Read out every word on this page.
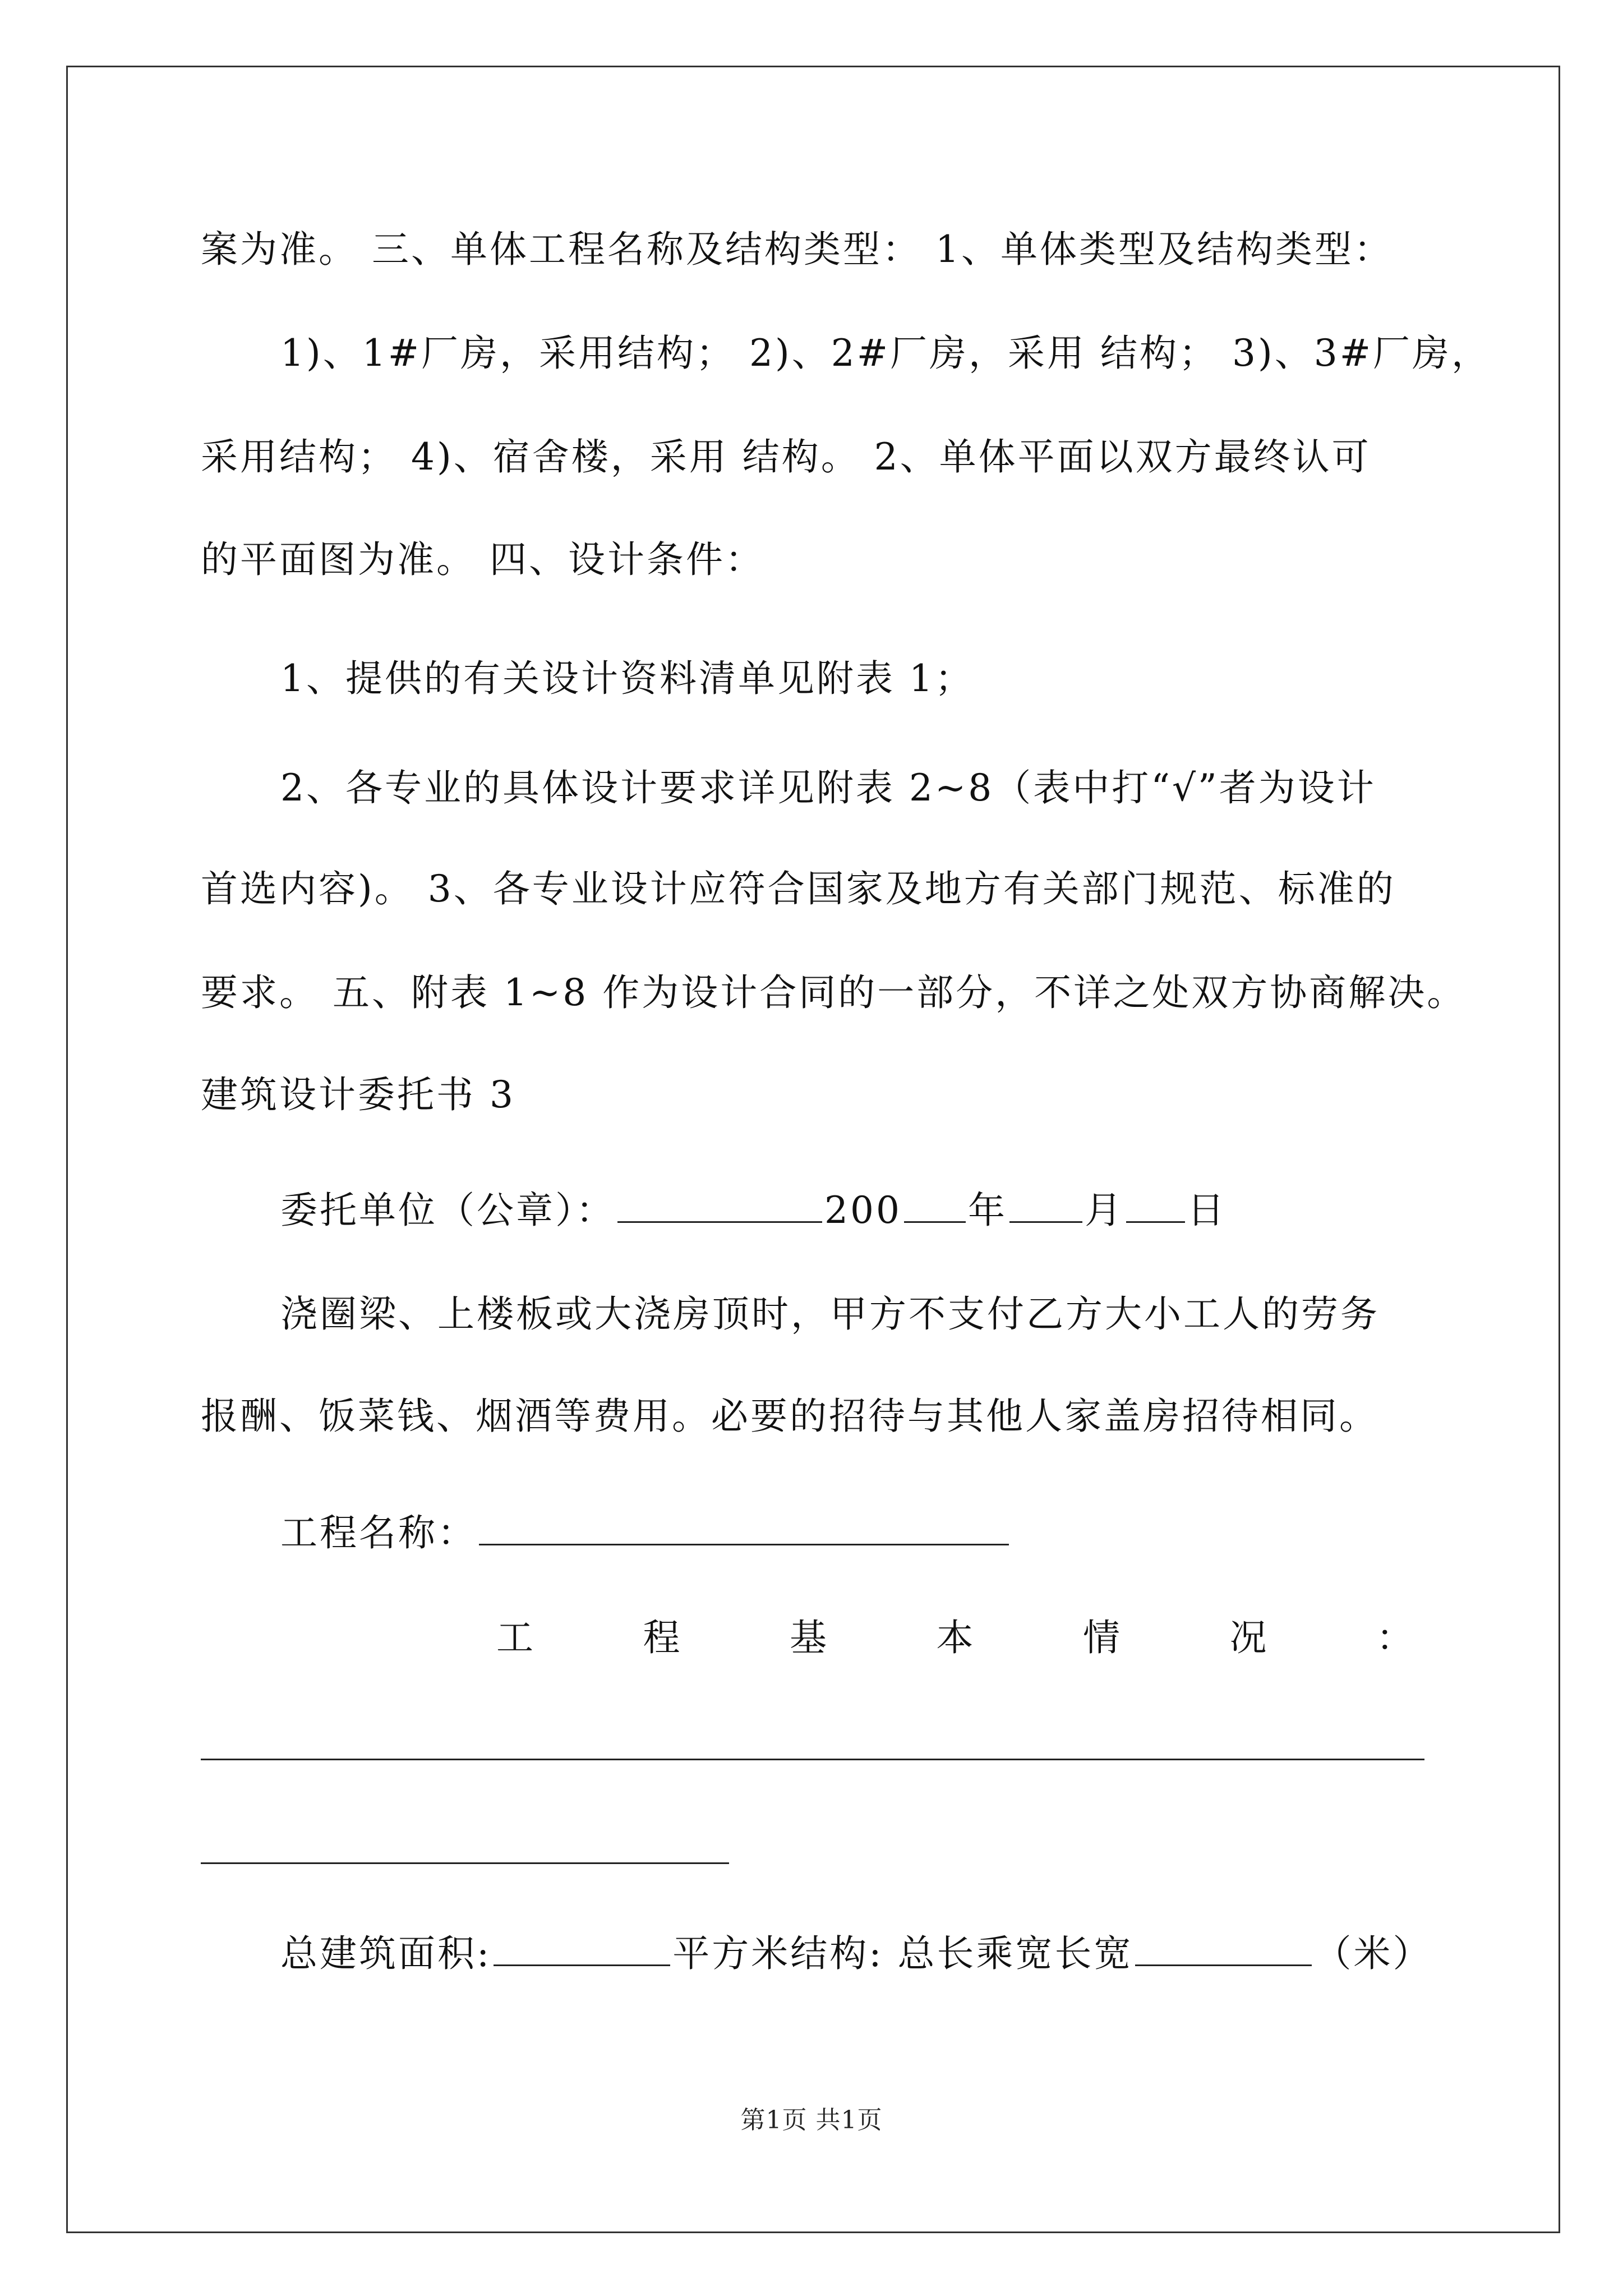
案为准。 三、单体工程名称及结构类型： 1、单体类型及结构类型：
1)、1#厂房，采用结构； 2)、2#厂房，采用 结构； 3)、3#厂房，
采用结构； 4)、宿舍楼，采用 结构。 2、单体平面以双方最终认可
的平面图为准。 四、设计条件：
1、提供的有关设计资料清单见附表 1；
2、各专业的具体设计要求详见附表 2~8（表中打“√”者为设计
首选内容)。 3、各专业设计应符合国家及地方有关部门规范、标准的
要求。 五、附表 1~8 作为设计合同的一部分，不详之处双方协商解决。
建筑设计委托书 3
委托单位（公章）：	200 年 月 日
浇圈梁、上楼板或大浇房顶时，甲方不支付乙方大小工人的劳务
报酬、饭菜钱、烟酒等费用。必要的招待与其他人家盖房招待相同。
工程名称：
工	程	基	本	情	况	：
总建筑面积:	平方米结构: 总长乘宽长宽	（米）
第1页 共1页
